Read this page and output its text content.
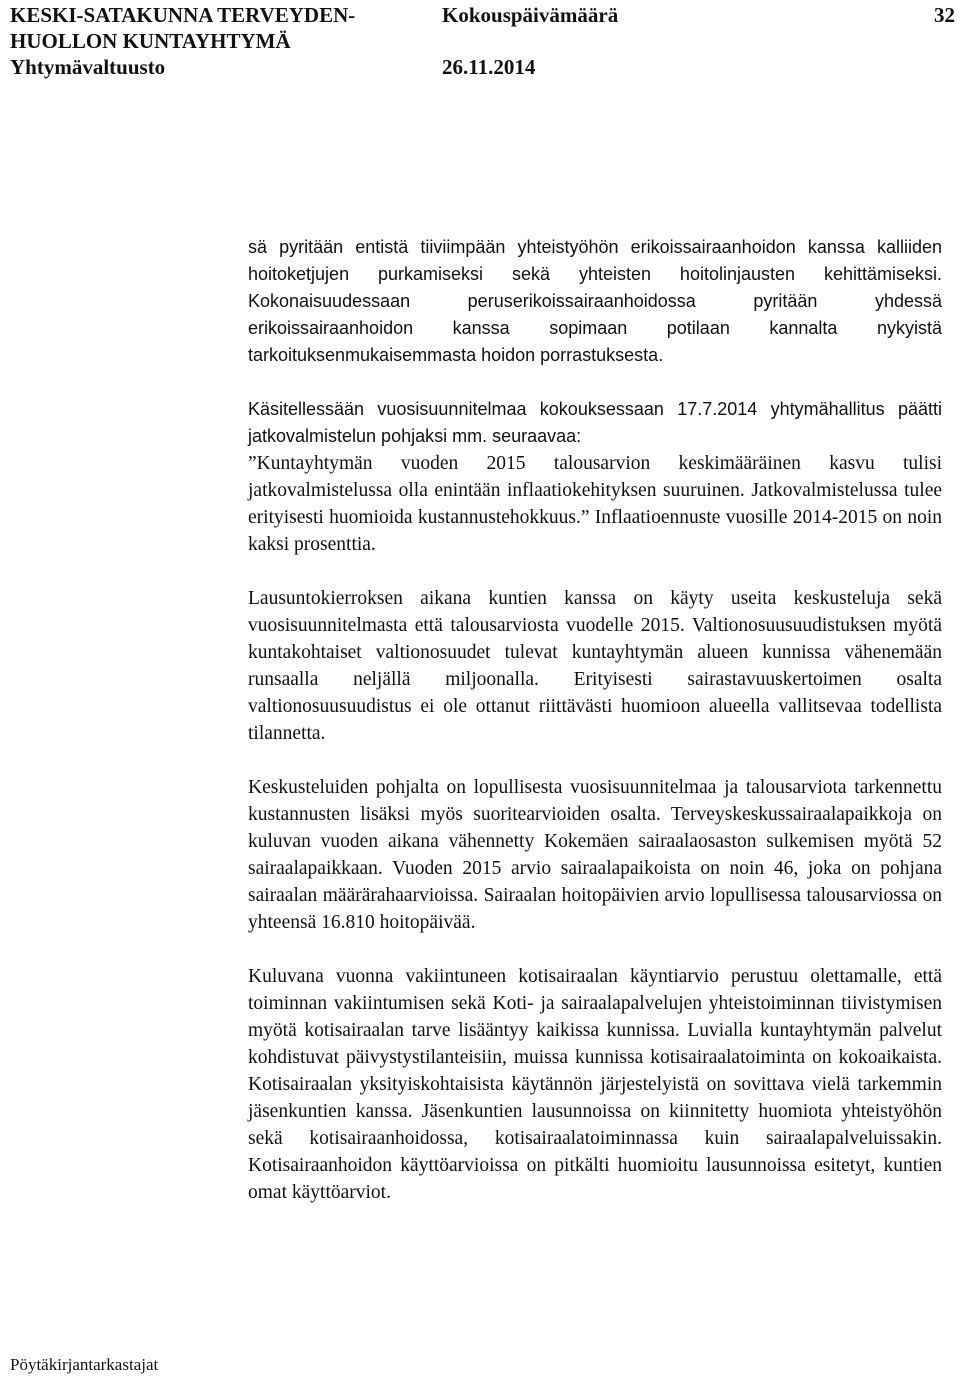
KESKI-SATAKUNNA TERVEYDEN-
HUOLLON KUNTAYHTYMÄ
Yhtymävaltuusto
Kokouspäivämäärä
26.11.2014
32

sä pyritään entistä tiiviimpään yhteistyöhön erikoissairaanhoidon kanssa kalliiden hoitoketjujen purkamiseksi sekä yhteisten hoitolinjausten kehittämiseksi. Kokonaisuudessaan peruserikoissairaanhoidossa pyritään yhdessä erikoissairaanhoidon kanssa sopimaan potilaan kannalta nykyistä tarkoituksenmukaisemmasta hoidon porrastuksesta.

Käsitellessään vuosisuunnitelmaa kokouksessaan 17.7.2014 yhtymähallitus päätti jatkovalmistelun pohjaksi mm. seuraavaa:

”Kuntayhtymän vuoden 2015 talousarvion keskimääräinen kasvu tulisi jatkovalmistelussa olla enintään inflaatiokehityksen suuruinen. Jatkovalmistelussa tulee erityisesti huomioida kustannustehokkuus.” Inflaatioennuste vuosille 2014-2015 on noin kaksi prosenttia.

Lausuntokierroksen aikana kuntien kanssa on käyty useita keskusteluja sekä vuosisuunnitelmasta että talousarviosta vuodelle 2015. Valtionosuusuudistuksen myötä kuntakohtaiset valtionosuudet tulevat kuntayhtymän alueen kunnissa vähenemään runsaalla neljällä miljoonalla. Erityisesti sairastavuuskertoimen osalta valtionosuusuudistus ei ole ottanut riittävästi huomioon alueella vallitsevaa todellista tilannetta.

Keskusteluiden pohjalta on lopullisesta vuosisuunnitelmaa ja talousarviota tarkennettu kustannusten lisäksi myös suoritearvioiden osalta. Terveyskeskussairaalapaikkoja on kuluvan vuoden aikana vähennetty Kokemäen sairaalaosaston sulkemisen myötä 52 sairaalapaikkaan. Vuoden 2015 arvio sairaalapaikoista on noin 46, joka on pohjana sairaalan määrärahaarvioissa. Sairaalan hoitopäivien arvio lopullisessa talousarviossa on yhteensä 16.810 hoitopäivää.

Kuluvana vuonna vakiintuneen kotisairaalan käyntiarvio perustuu olettamalle, että toiminnan vakiintumisen sekä Koti- ja sairaalapalvelujen yhteistoiminnan tiivistymisen myötä kotisairaalan tarve lisääntyy kaikissa kunnissa. Luvialla kuntayhtymän palvelut kohdistuvat päivystystilanteisiin, muissa kunnissa kotisairaalatoiminta on kokoaikaista. Kotisairaalan yksityiskohtaisista käytännön järjestelyistä on sovittava vielä tarkemmin jäsenkuntien kanssa. Jäsenkuntien lausunnoissa on kiinnitetty huomiota yhteistyöhön sekä kotisairaanhoidossa, kotisairaalatoiminnassa kuin sairaalapalveluissakin. Kotisairaanhoidon käyttöarvioissa on pitkälti huomioitu lausunnoissa esitetyt, kuntien omat käyttöarviot.

Pöytäkirjantarkastajat
